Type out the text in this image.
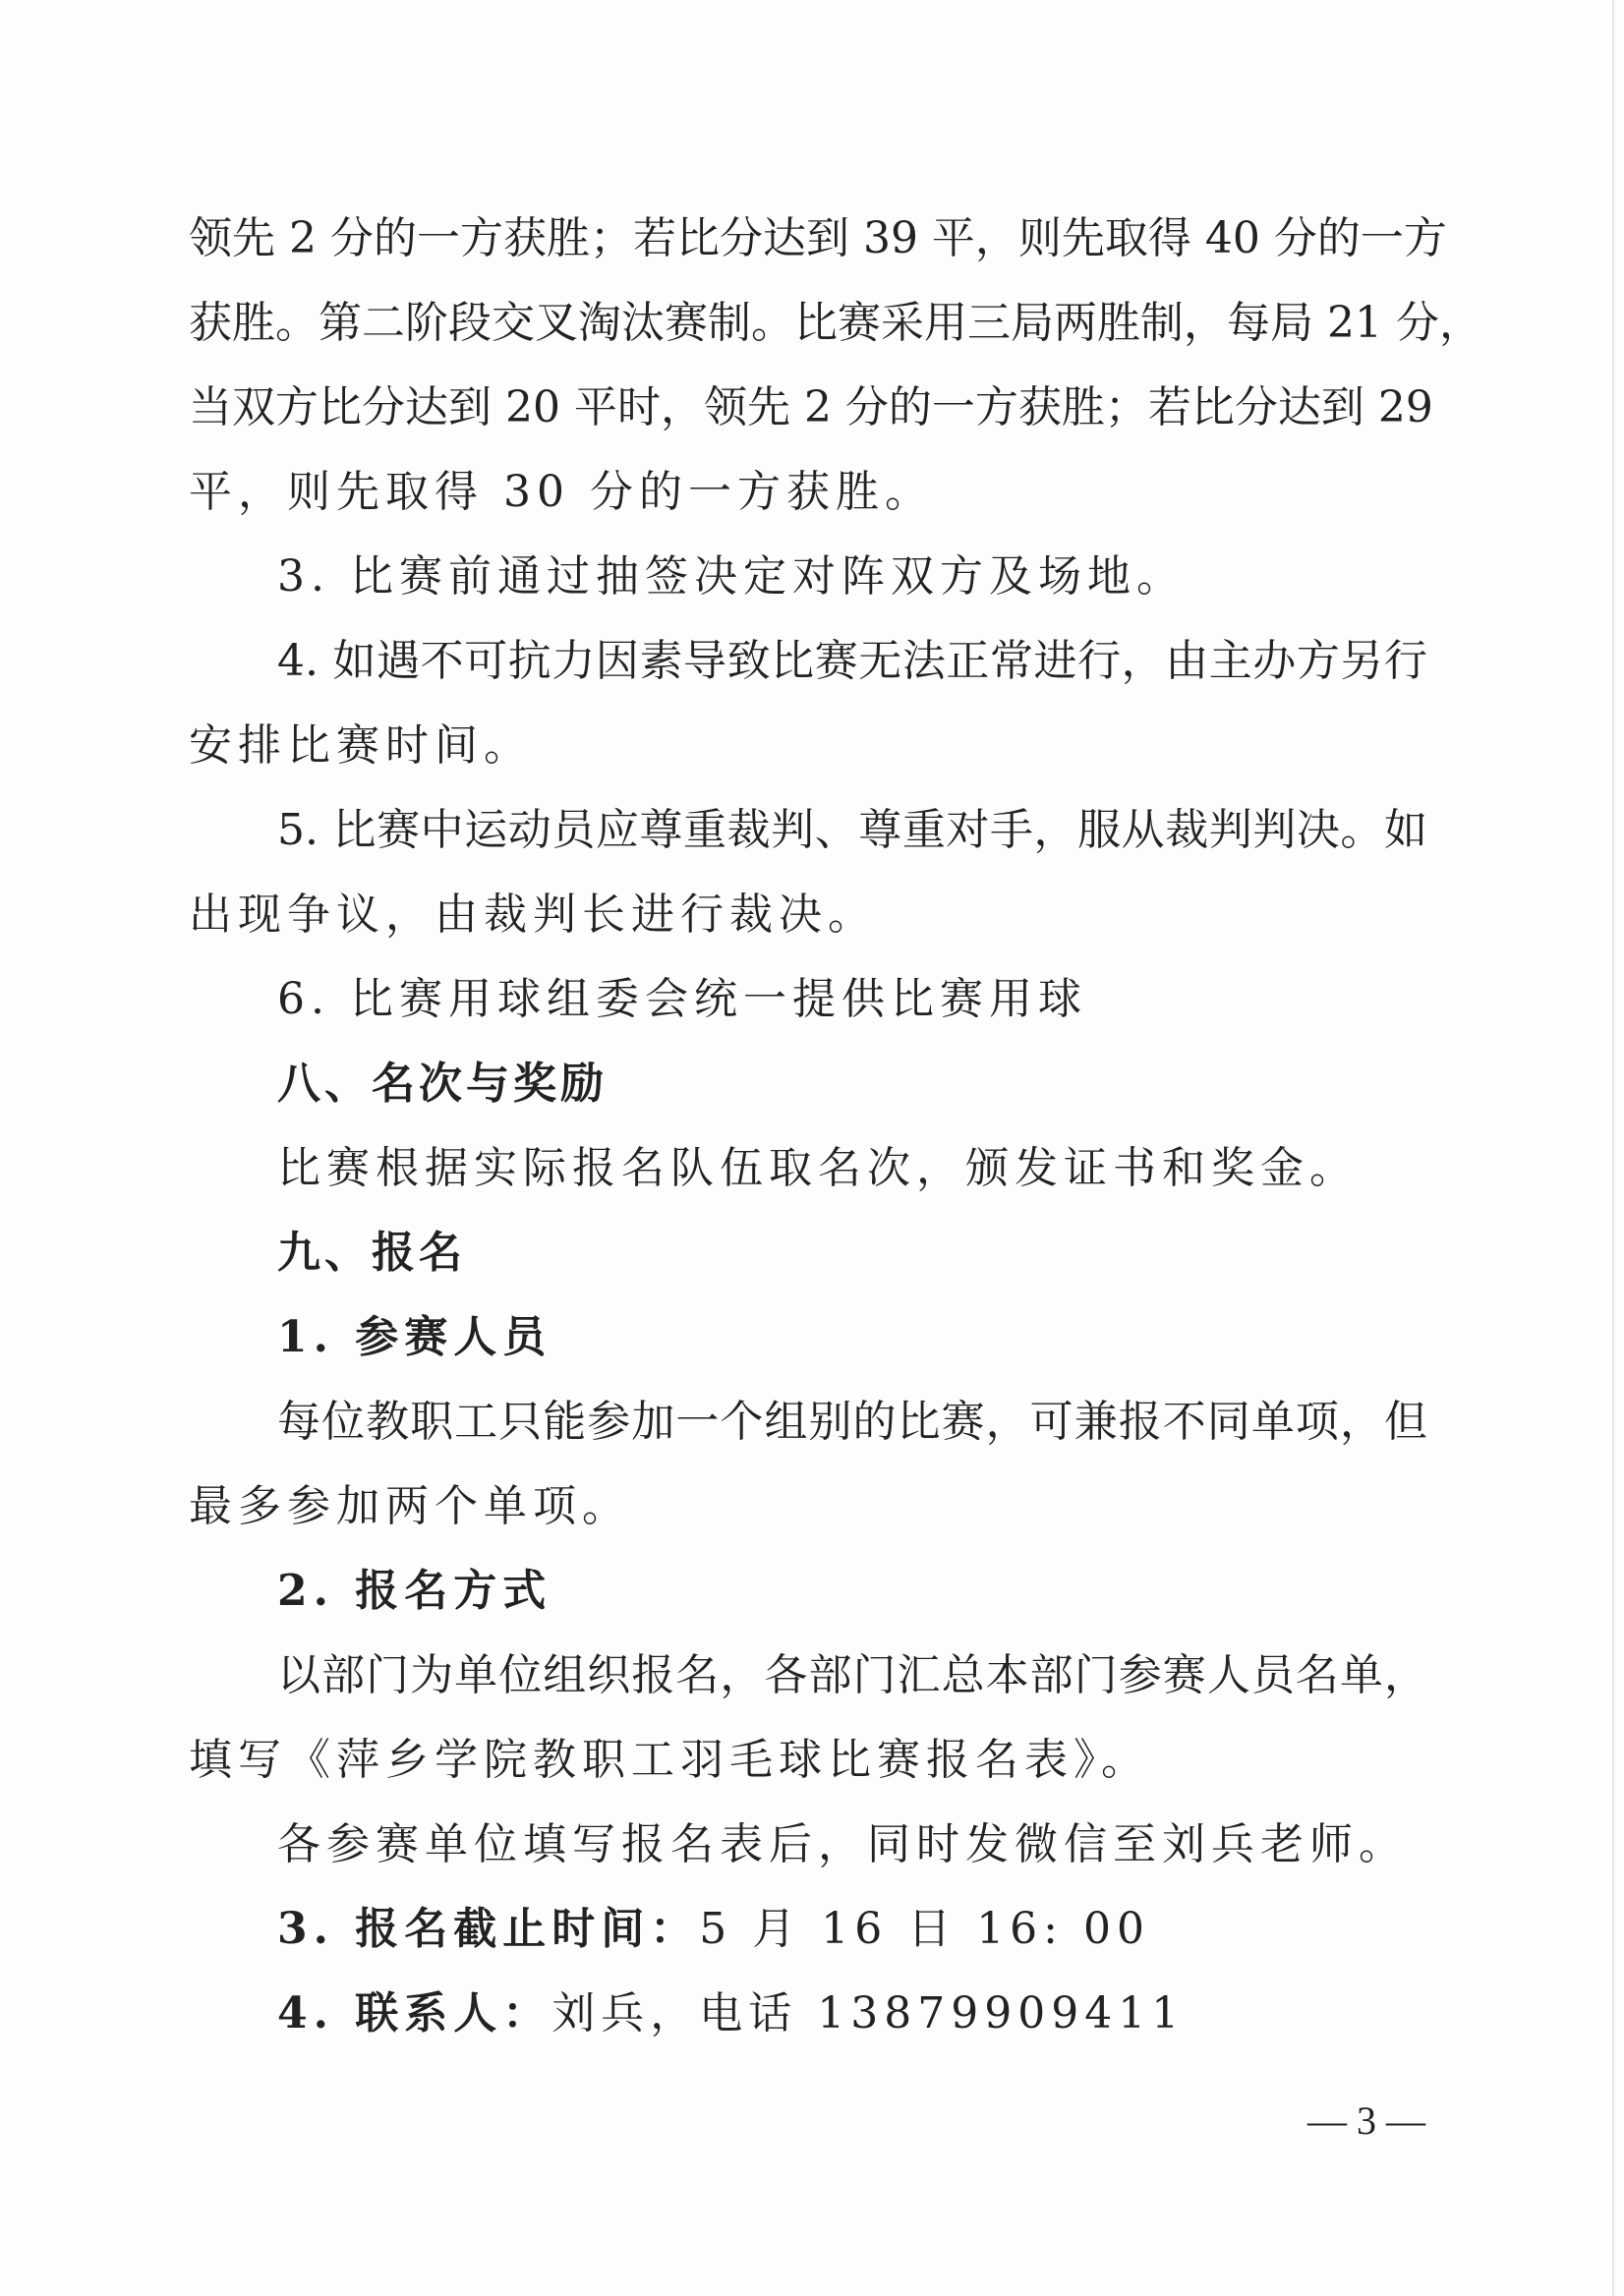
领先 2 分的一方获胜；若比分达到 39 平，则先取得 40 分的一方
获胜。第二阶段交叉淘汰赛制。比赛采用三局两胜制，每局 21 分，
当双方比分达到 20 平时，领先 2 分的一方获胜；若比分达到 29
平，则先取得 30 分的一方获胜。
3. 比赛前通过抽签决定对阵双方及场地。
4. 如遇不可抗力因素导致比赛无法正常进行，由主办方另行
安排比赛时间。
5. 比赛中运动员应尊重裁判、尊重对手，服从裁判判决。如
出现争议，由裁判长进行裁决。
6. 比赛用球组委会统一提供比赛用球
八、名次与奖励
比赛根据实际报名队伍取名次，颁发证书和奖金。
九、报名
1. 参赛人员
每位教职工只能参加一个组别的比赛，可兼报不同单项，但
最多参加两个单项。
2. 报名方式
以部门为单位组织报名，各部门汇总本部门参赛人员名单，
填写《萍乡学院教职工羽毛球比赛报名表》。
各参赛单位填写报名表后，同时发微信至刘兵老师。
3. 报名截止时间：5 月 16 日 16: 00
4. 联系人：刘兵，电话 13879909411
— 3 —
